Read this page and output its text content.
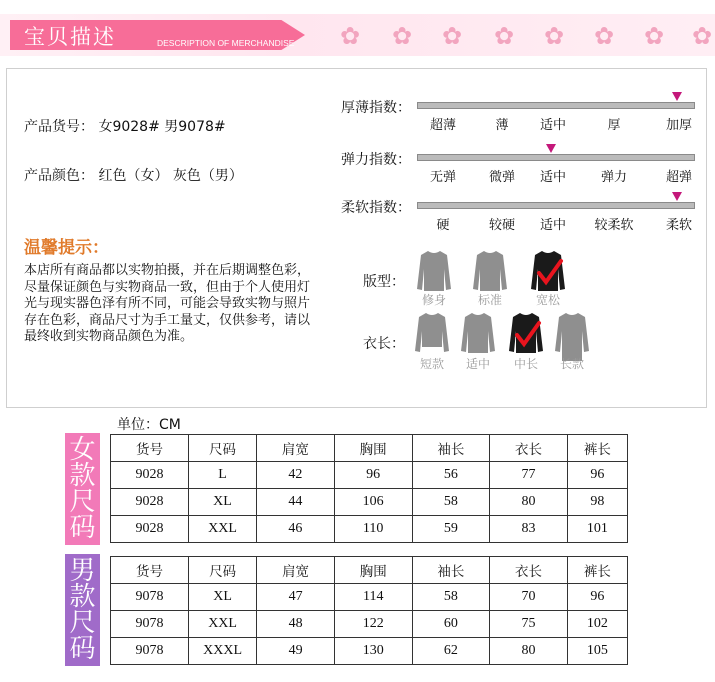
宝贝描述	DESCRIPTION OF MERCHANDISE ✿ ✿ ✿ ✿ ✿ ✿ ✿ ✿
产品货号： 女9028# 男9078#
产品颜色： 红色（女） 灰色（男）
温馨提示：
本店所有商品都以实物拍摄，并在后期调整色彩，尽量保证颜色与实物商品一致，但由于个人使用灯光与现实器色泽有所不同，可能会导致实物与照片存在色彩，商品尺寸为手工量丈，仅供参考，请以最终收到实物商品颜色为准。
厚薄指数：
超薄	薄 适中	厚	加厚
弹力指数：
无弹	微弹 适中	弹力	超弹
柔软指数：
硬	较硬 适中 较柔软 柔软
版型：
修身	标准	宽松
衣长：
短款 适中 中长 长款
单位：CM
女
款
尺
码
货号	尺码	肩宽	胸围	袖长	衣长	裤长
9028	L	42	96	56	77	96
9028	XL	44	106	58	80	98
9028	XXL	46	110	59	83	101
男
款
尺
码
货号	尺码	肩宽	胸围	袖长	衣长	裤长
9078	XL	47	114	58	70	96
9078	XXL	48	122	60	75	102
9078	XXXL	49	130	62	80	105
